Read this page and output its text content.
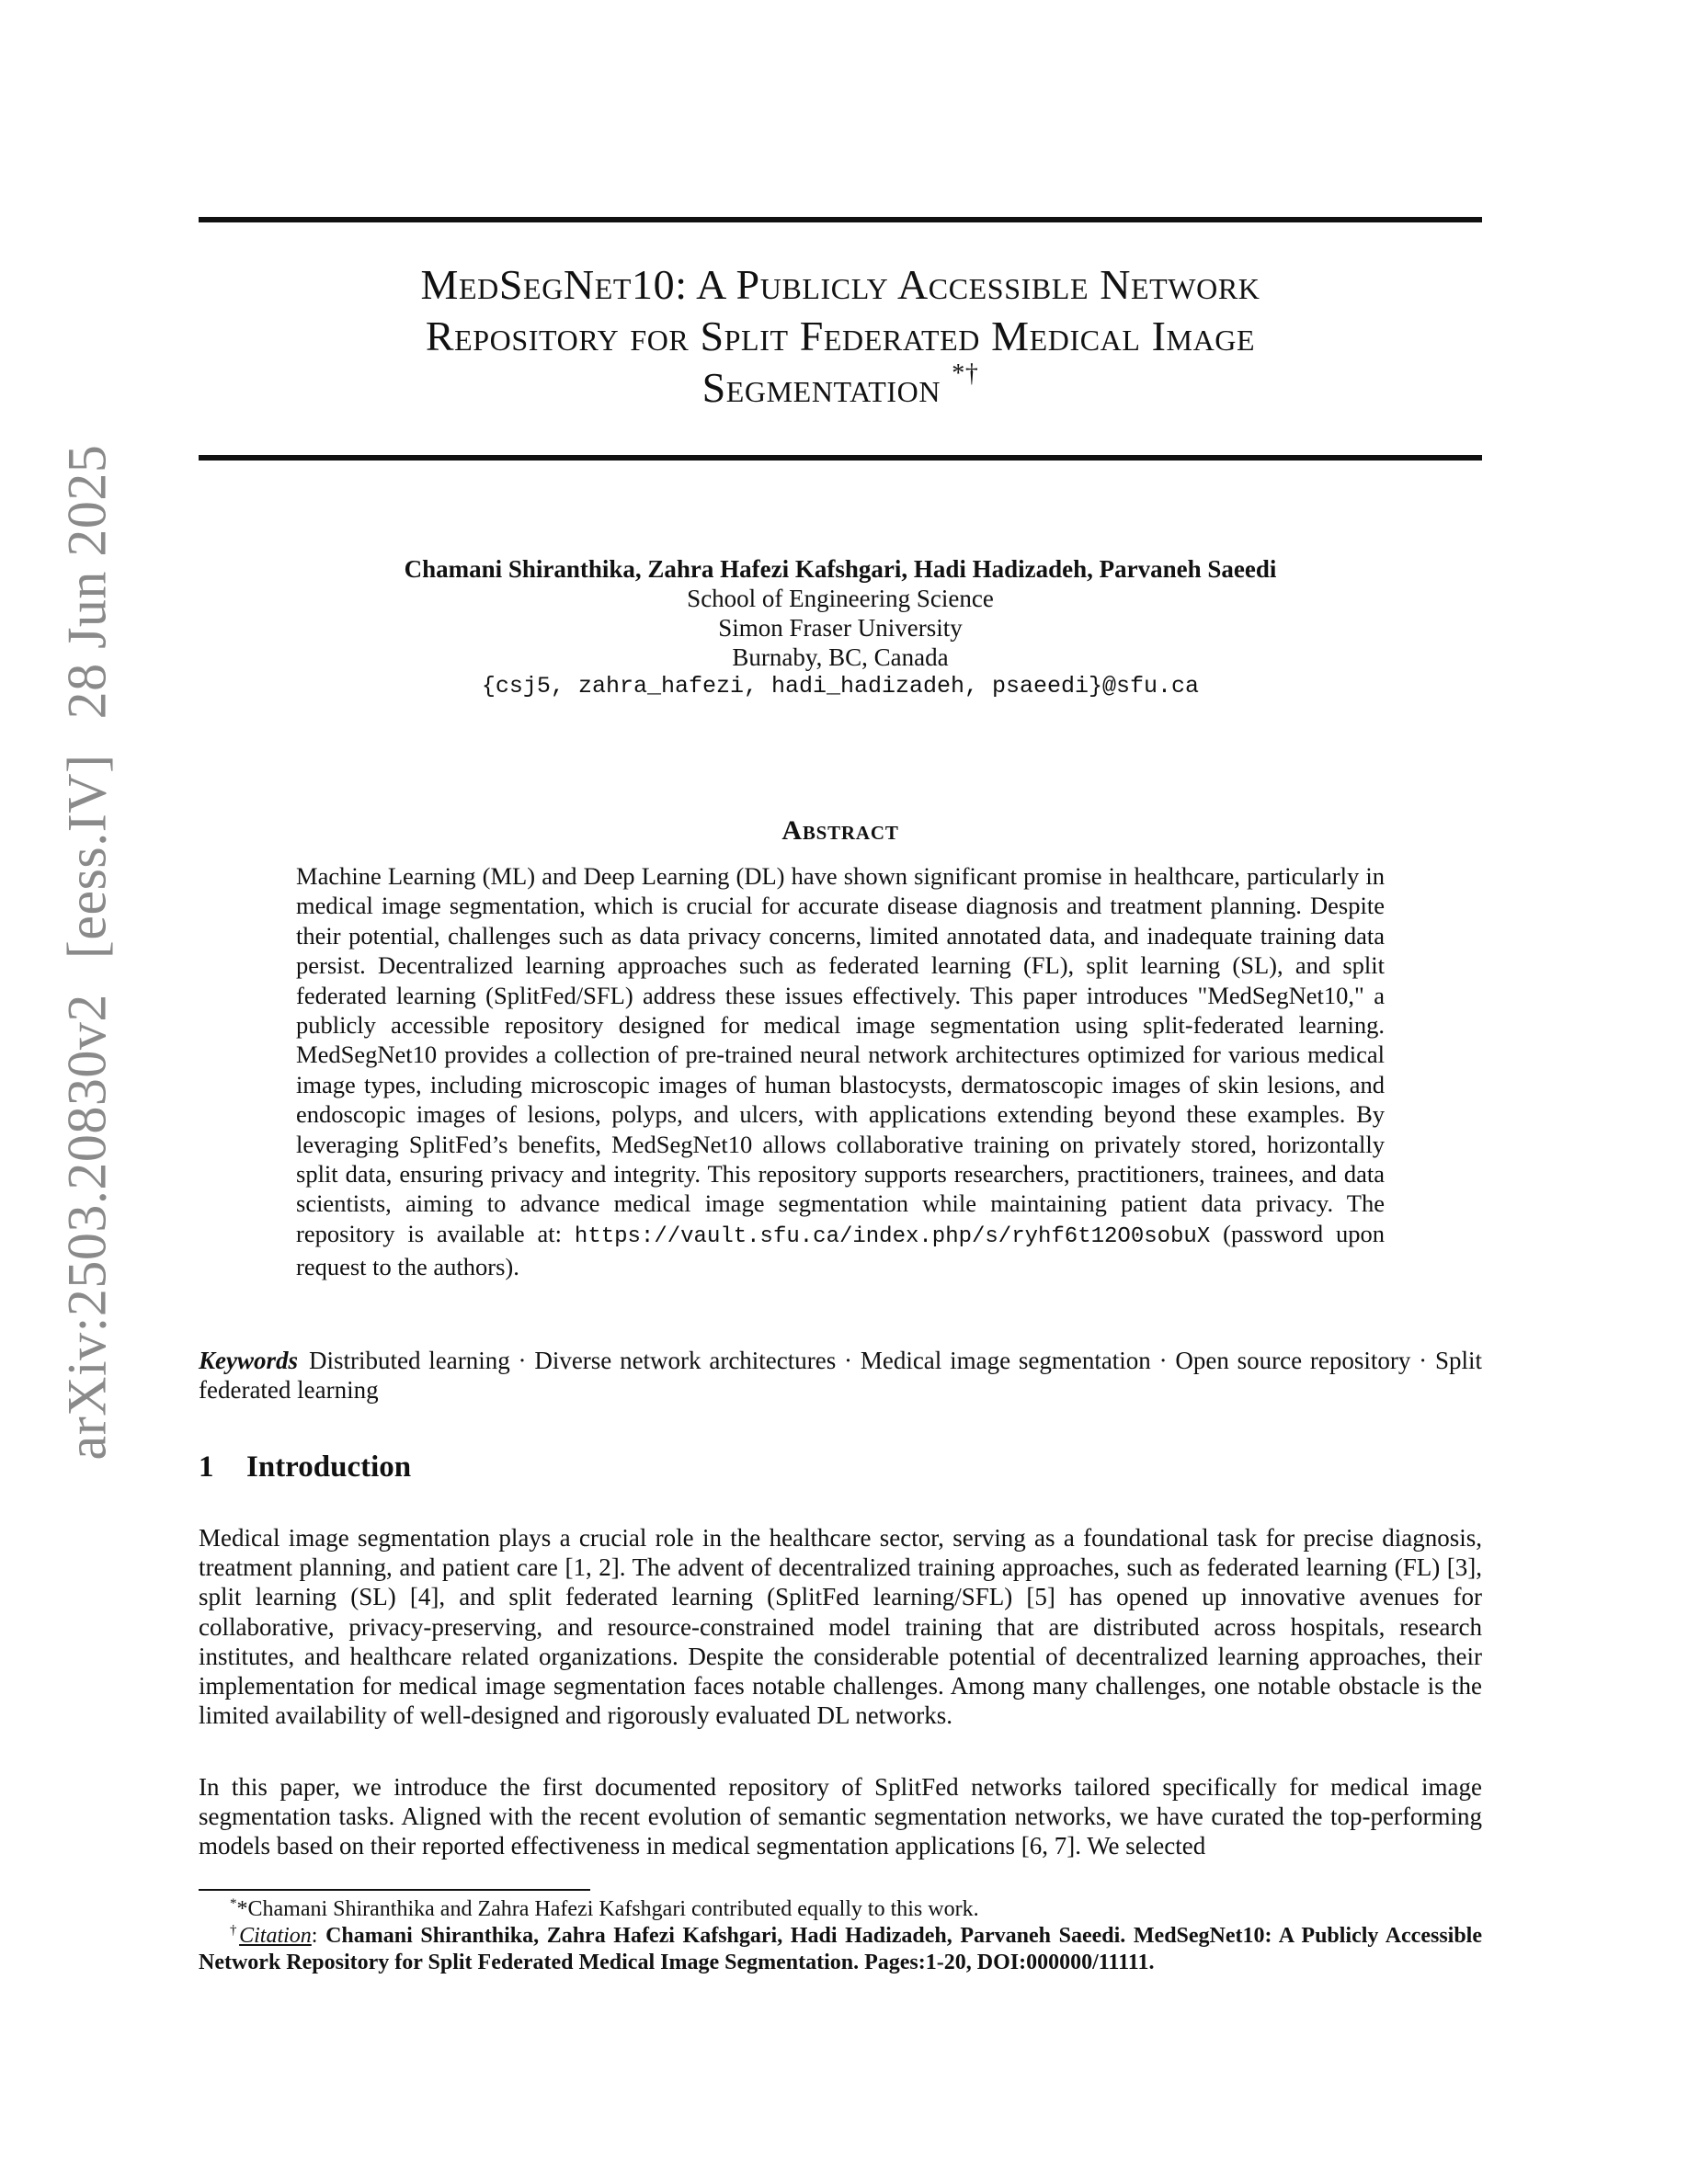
arXiv:2503.20830v2[eess.IV]28 Jun 2025
MedSegNet10: A Publicly Accessible Network
Repository for Split Federated Medical Image
Segmentation *†
Chamani Shiranthika, Zahra Hafezi Kafshgari, Hadi Hadizadeh, Parvaneh Saeedi
School of Engineering Science
Simon Fraser University
Burnaby, BC, Canada
{csj5, zahra_hafezi, hadi_hadizadeh, psaeedi}@sfu.ca
Abstract

Machine Learning (ML) and Deep Learning (DL) have shown significant promise in healthcare, particularly in medical image segmentation, which is crucial for accurate disease diagnosis and treatment planning. Despite their potential, challenges such as data privacy concerns, limited annotated data, and inadequate training data persist. Decentralized learning approaches such as federated learning (FL), split learning (SL), and split federated learning (SplitFed/SFL) address these issues effectively. This paper introduces "MedSegNet10," a publicly accessible repository designed for medical image segmentation using split-federated learning. MedSegNet10 provides a collection of pre-trained neural network architectures optimized for various medical image types, including microscopic images of human blastocysts, dermatoscopic images of skin lesions, and endoscopic images of lesions, polyps, and ulcers, with applications extending beyond these examples. By leveraging SplitFed’s benefits, MedSegNet10 allows collaborative training on privately stored, horizontally split data, ensuring privacy and integrity. This repository supports researchers, practitioners, trainees, and data scientists, aiming to advance medical image segmentation while maintaining patient data privacy. The repository is available at: https://vault.sfu.ca/index.php/s/ryhf6t12O0sobuX (password upon request to the authors).

Keywords Distributed learning · Diverse network architectures · Medical image segmentation · Open source repository · Split federated learning

1 Introduction

Medical image segmentation plays a crucial role in the healthcare sector, serving as a foundational task for precise diagnosis, treatment planning, and patient care [1, 2]. The advent of decentralized training approaches, such as federated learning (FL) [3], split learning (SL) [4], and split federated learning (SplitFed learning/SFL) [5] has opened up innovative avenues for collaborative, privacy-preserving, and resource-constrained model training that are distributed across hospitals, research institutes, and healthcare related organizations. Despite the considerable potential of decentralized learning approaches, their implementation for medical image segmentation faces notable challenges. Among many challenges, one notable obstacle is the limited availability of well-designed and rigorously evaluated DL networks.

In this paper, we introduce the first documented repository of SplitFed networks tailored specifically for medical image segmentation tasks. Aligned with the recent evolution of semantic segmentation networks, we have curated the top-performing models based on their reported effectiveness in medical segmentation applications [6, 7]. We selected

**Chamani Shiranthika and Zahra Hafezi Kafshgari contributed equally to this work.

†Citation: Chamani Shiranthika, Zahra Hafezi Kafshgari, Hadi Hadizadeh, Parvaneh Saeedi. MedSegNet10: A Publicly Accessible Network Repository for Split Federated Medical Image Segmentation. Pages:1-20, DOI:000000/11111.
